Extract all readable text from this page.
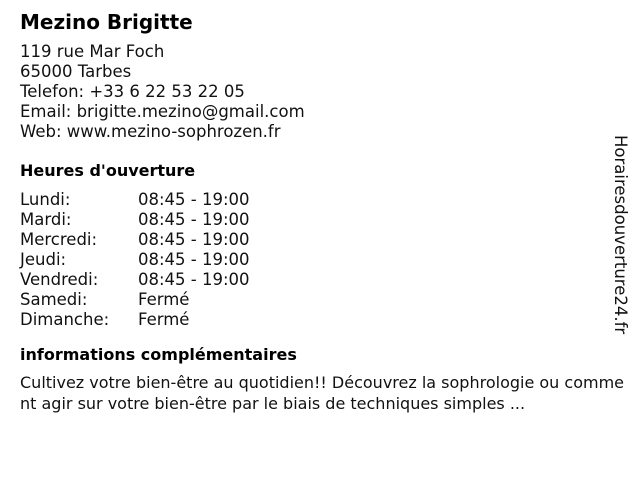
Mezino Brigitte
119 rue Mar Foch
65000 Tarbes
Telefon: +33 6 22 53 22 05
Email: brigitte.mezino@gmail.com
Web: www.mezino-sophrozen.fr
Heures d'ouverture
Lundi:	08:45 - 19:00
Mardi:	08:45 - 19:00
Mercredi:	08:45 - 19:00
Jeudi:	08:45 - 19:00
Vendredi:	08:45 - 19:00
Samedi:	Fermé
Dimanche:	Fermé
informations complémentaires
Cultivez votre bien-être au quotidien!! Découvrez la sophrologie ou comment agir sur votre bien-être par le biais de techniques simples ...
Horairesdouverture24.fr
